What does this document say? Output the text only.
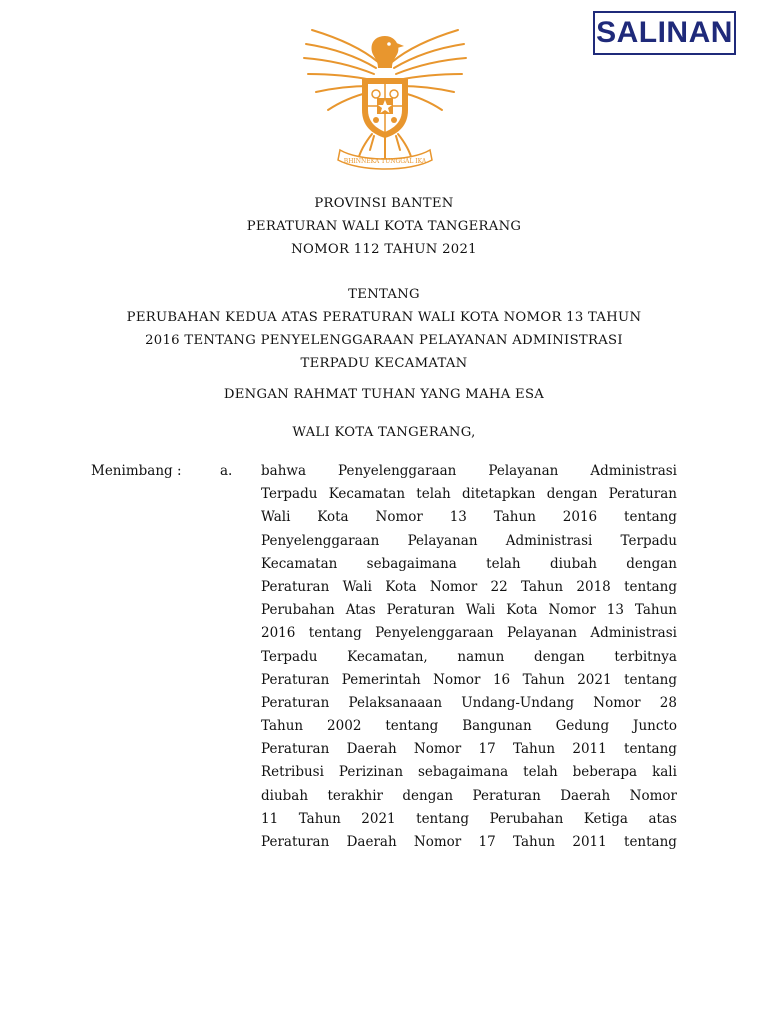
SALINAN
BHINNEKA TUNGGAL IKA
PROVINSI BANTEN
PERATURAN WALI KOTA TANGERANG
NOMOR 112 TAHUN 2021
TENTANG
PERUBAHAN KEDUA ATAS PERATURAN WALI KOTA NOMOR 13 TAHUN
2016 TENTANG PENYELENGGARAAN PELAYANAN ADMINISTRASI
TERPADU KECAMATAN
DENGAN RAHMAT TUHAN YANG MAHA ESA
WALI KOTA TANGERANG,
Menimbang :	a. bahwa Penyelenggaraan Pelayanan Administrasi
Terpadu Kecamatan telah ditetapkan dengan Peraturan
Wali Kota Nomor 13 Tahun 2016 tentang
Penyelenggaraan Pelayanan Administrasi Terpadu
Kecamatan sebagaimana telah diubah dengan
Peraturan Wali Kota Nomor 22 Tahun 2018 tentang
Perubahan Atas Peraturan Wali Kota Nomor 13 Tahun
2016 tentang Penyelenggaraan Pelayanan Administrasi
Terpadu Kecamatan, namun dengan terbitnya
Peraturan Pemerintah Nomor 16 Tahun 2021 tentang
Peraturan Pelaksanaaan Undang-Undang Nomor 28
Tahun 2002 tentang Bangunan Gedung Juncto
Peraturan Daerah Nomor 17 Tahun 2011 tentang
Retribusi Perizinan sebagaimana telah beberapa kali
diubah terakhir dengan Peraturan Daerah Nomor
11 Tahun 2021 tentang Perubahan Ketiga atas
Peraturan Daerah Nomor 17 Tahun 2011 tentang
